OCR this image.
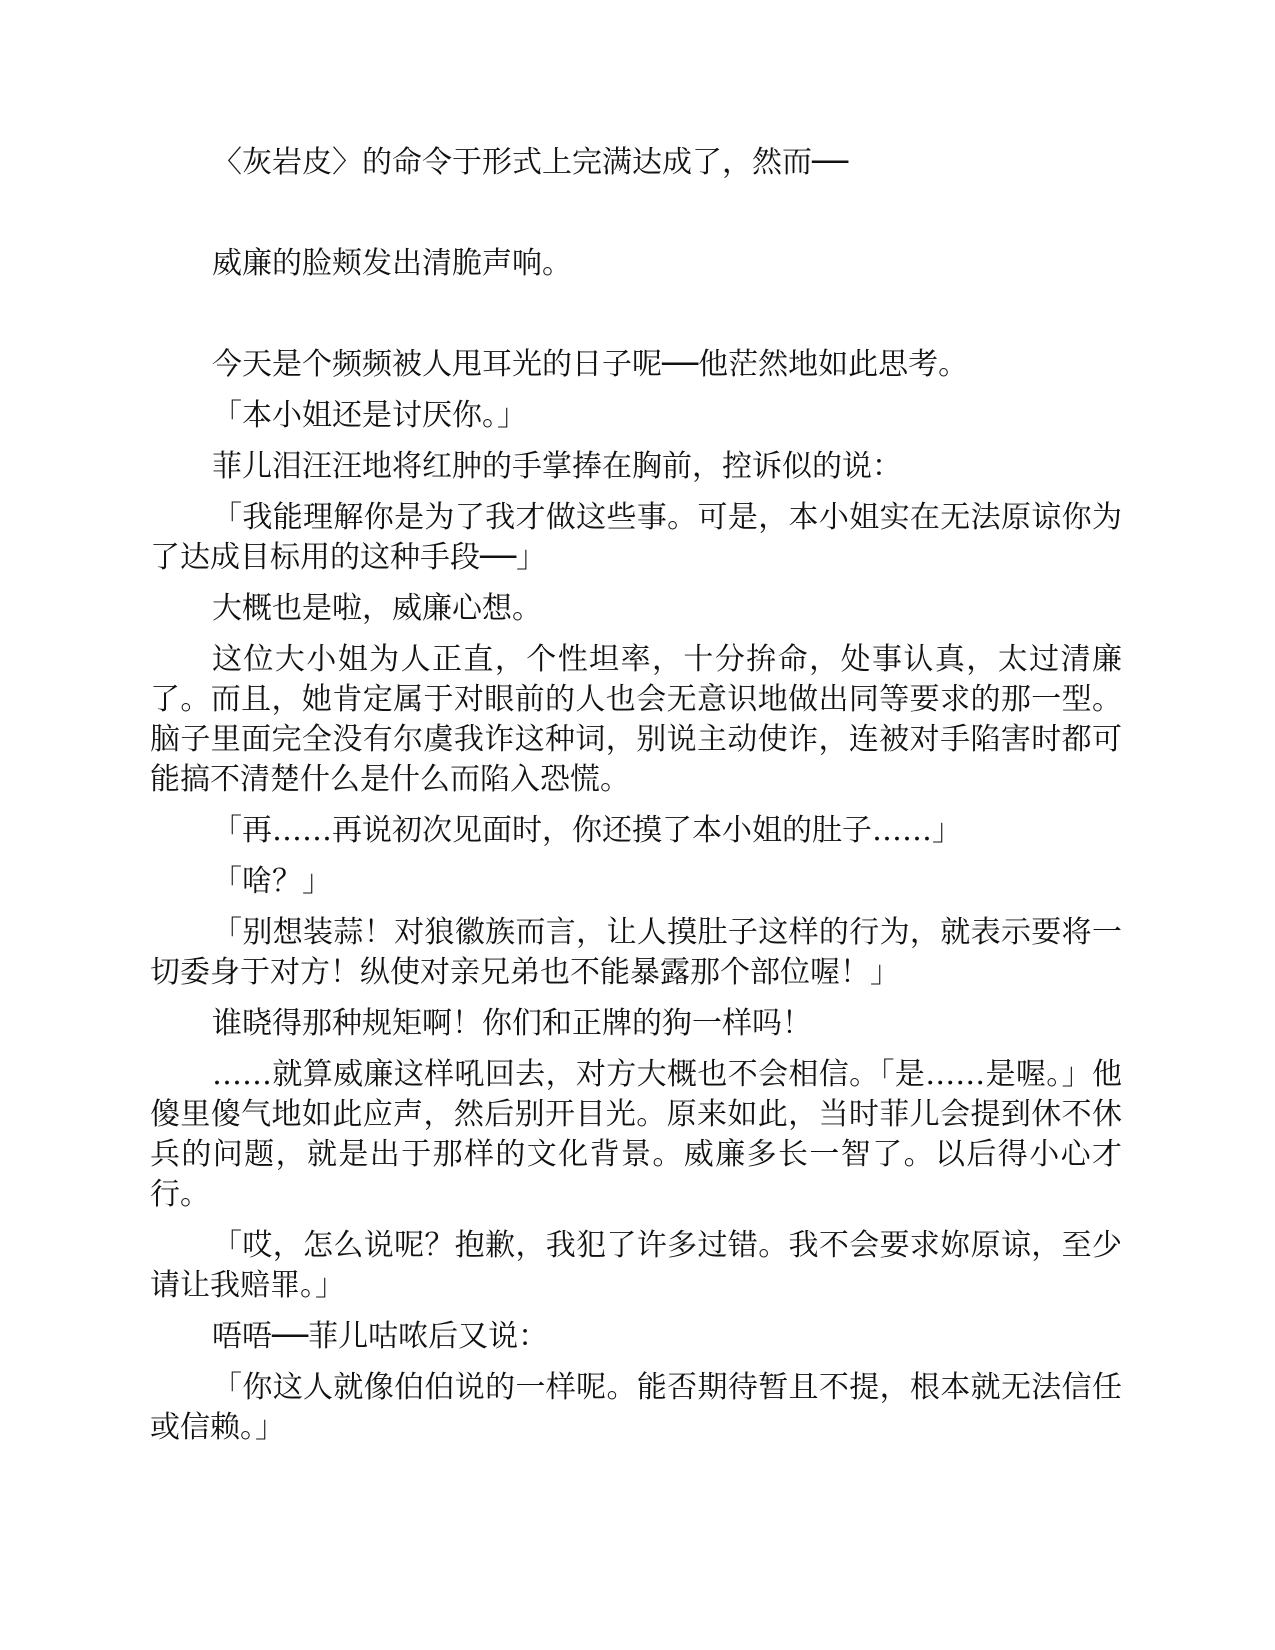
〈灰岩皮〉的命令于形式上完满达成了，然而──

威廉的脸颊发出清脆声响。

今天是个频频被人甩耳光的日子呢──他茫然地如此思考。

「本小姐还是讨厌你。」

菲儿泪汪汪地将红肿的手掌捧在胸前，控诉似的说：

「我能理解你是为了我才做这些事。可是，本小姐实在无法原谅你为了达成目标用的这种手段──」

大概也是啦，威廉心想。

这位大小姐为人正直，个性坦率，十分拚命，处事认真，太过清廉了。而且，她肯定属于对眼前的人也会无意识地做出同等要求的那一型。脑子里面完全没有尔虞我诈这种词，别说主动使诈，连被对手陷害时都可能搞不清楚什么是什么而陷入恐慌。

「再……再说初次见面时，你还摸了本小姐的肚子……」

「啥？」

「别想装蒜！对狼徽族而言，让人摸肚子这样的行为，就表示要将一切委身于对方！纵使对亲兄弟也不能暴露那个部位喔！」

谁晓得那种规矩啊！你们和正牌的狗一样吗！

……就算威廉这样吼回去，对方大概也不会相信。「是……是喔。」他傻里傻气地如此应声，然后别开目光。原来如此，当时菲儿会提到休不休兵的问题，就是出于那样的文化背景。威廉多长一智了。以后得小心才行。

「哎，怎么说呢？抱歉，我犯了许多过错。我不会要求妳原谅，至少请让我赔罪。」

唔唔──菲儿咕哝后又说：

「你这人就像伯伯说的一样呢。能否期待暂且不提，根本就无法信任或信赖。」
